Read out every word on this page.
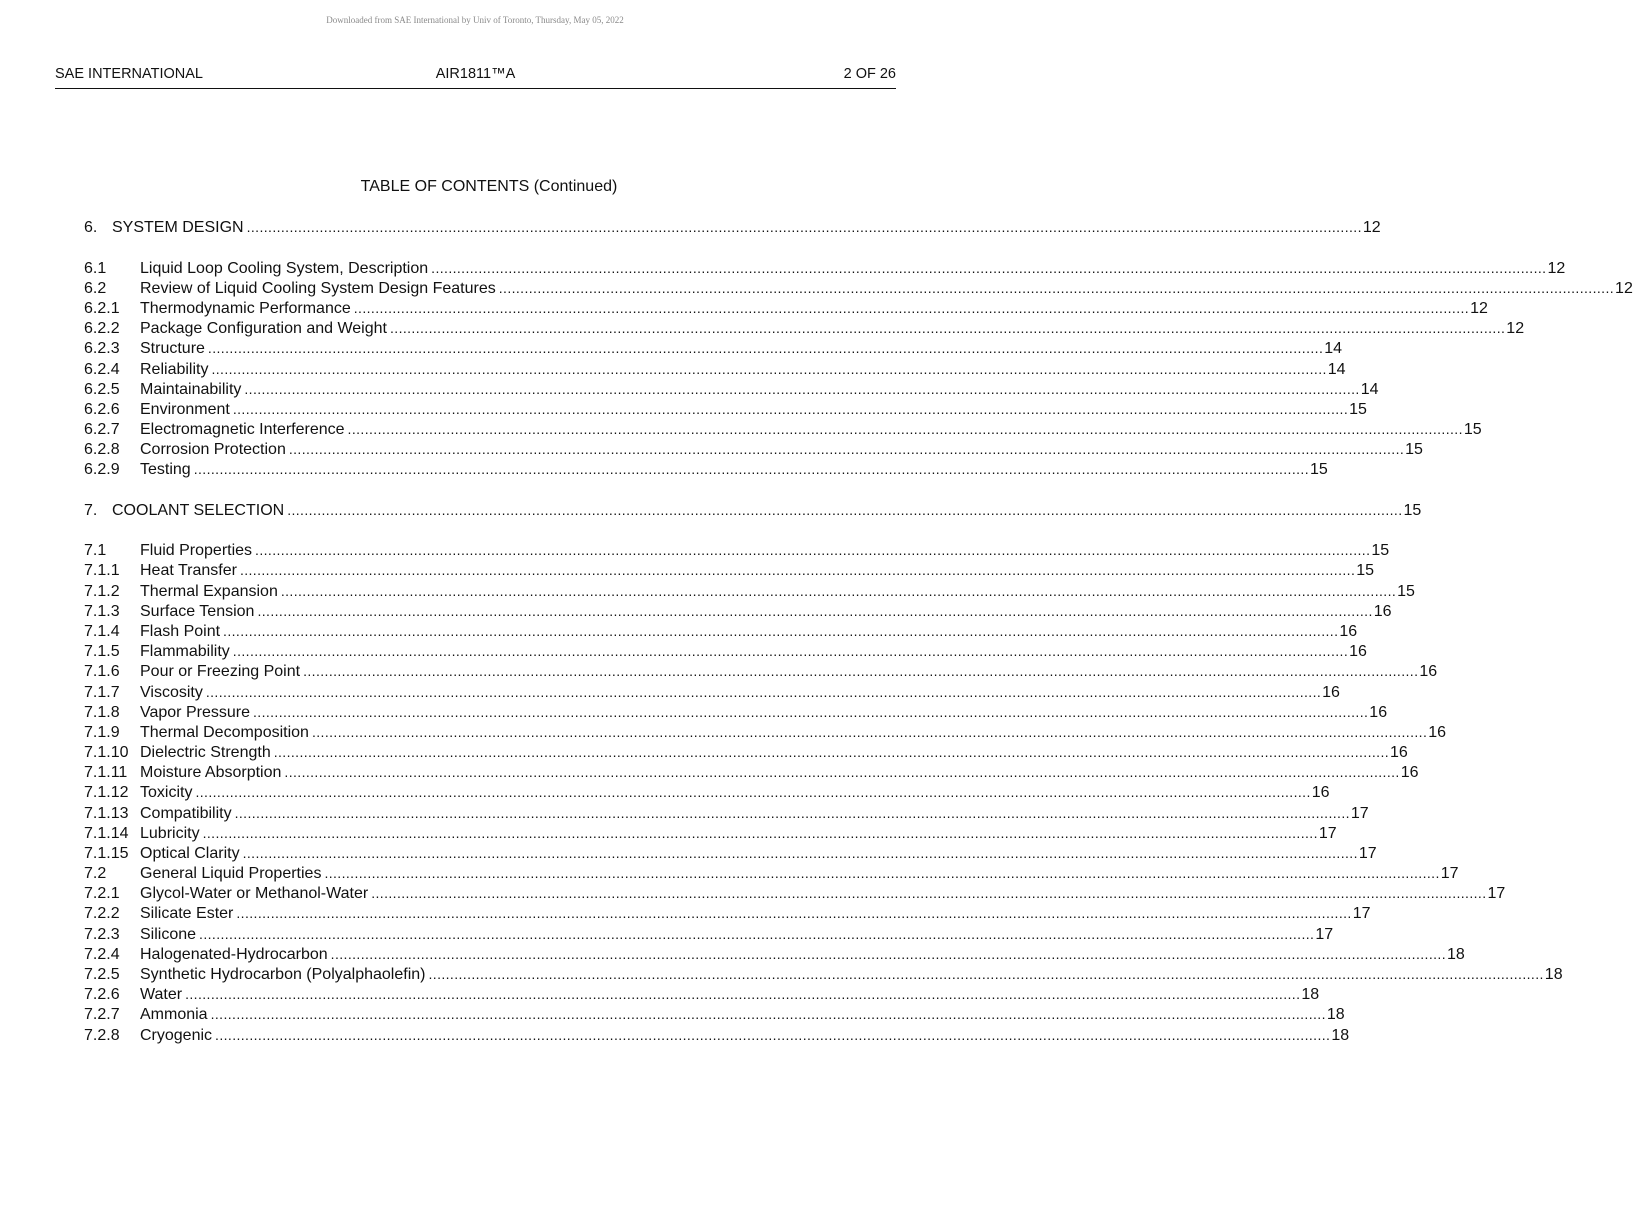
Downloaded from SAE International by Univ of Toronto, Thursday, May 05, 2022
SAE INTERNATIONAL	AIR1811™A	2 OF 26
TABLE OF CONTENTS (Continued)
6. SYSTEM DESIGN .................................................................................................................................................................................................................................................................... 12
6.1	Liquid Loop Cooling System, Description .................................................................................................................................................................................................................................................................... 12
6.2	Review of Liquid Cooling System Design Features .................................................................................................................................................................................................................................................................... 12
6.2.1	Thermodynamic Performance .................................................................................................................................................................................................................................................................... 12
6.2.2	Package Configuration and Weight .................................................................................................................................................................................................................................................................... 12
6.2.3	Structure .................................................................................................................................................................................................................................................................... 14
6.2.4	Reliability .................................................................................................................................................................................................................................................................... 14
6.2.5	Maintainability .................................................................................................................................................................................................................................................................... 14
6.2.6	Environment .................................................................................................................................................................................................................................................................... 15
6.2.7	Electromagnetic Interference .................................................................................................................................................................................................................................................................... 15
6.2.8	Corrosion Protection .................................................................................................................................................................................................................................................................... 15
6.2.9	Testing .................................................................................................................................................................................................................................................................... 15
7. COOLANT SELECTION .................................................................................................................................................................................................................................................................... 15
7.1	Fluid Properties .................................................................................................................................................................................................................................................................... 15
7.1.1	Heat Transfer .................................................................................................................................................................................................................................................................... 15
7.1.2	Thermal Expansion .................................................................................................................................................................................................................................................................... 15
7.1.3	Surface Tension .................................................................................................................................................................................................................................................................... 16
7.1.4	Flash Point .................................................................................................................................................................................................................................................................... 16
7.1.5	Flammability .................................................................................................................................................................................................................................................................... 16
7.1.6	Pour or Freezing Point .................................................................................................................................................................................................................................................................... 16
7.1.7	Viscosity .................................................................................................................................................................................................................................................................... 16
7.1.8	Vapor Pressure .................................................................................................................................................................................................................................................................... 16
7.1.9	Thermal Decomposition .................................................................................................................................................................................................................................................................... 16
7.1.10 Dielectric Strength .................................................................................................................................................................................................................................................................... 16
7.1.11 Moisture Absorption .................................................................................................................................................................................................................................................................... 16
7.1.12 Toxicity .................................................................................................................................................................................................................................................................... 16
7.1.13 Compatibility .................................................................................................................................................................................................................................................................... 17
7.1.14 Lubricity .................................................................................................................................................................................................................................................................... 17
7.1.15 Optical Clarity .................................................................................................................................................................................................................................................................... 17
7.2	General Liquid Properties .................................................................................................................................................................................................................................................................... 17
7.2.1	Glycol-Water or Methanol-Water .................................................................................................................................................................................................................................................................... 17
7.2.2	Silicate Ester .................................................................................................................................................................................................................................................................... 17
7.2.3	Silicone .................................................................................................................................................................................................................................................................... 17
7.2.4	Halogenated-Hydrocarbon .................................................................................................................................................................................................................................................................... 18
7.2.5	Synthetic Hydrocarbon (Polyalphaolefin) .................................................................................................................................................................................................................................................................... 18
7.2.6	Water .................................................................................................................................................................................................................................................................... 18
7.2.7	Ammonia .................................................................................................................................................................................................................................................................... 18
7.2.8	Cryogenic .................................................................................................................................................................................................................................................................... 18
